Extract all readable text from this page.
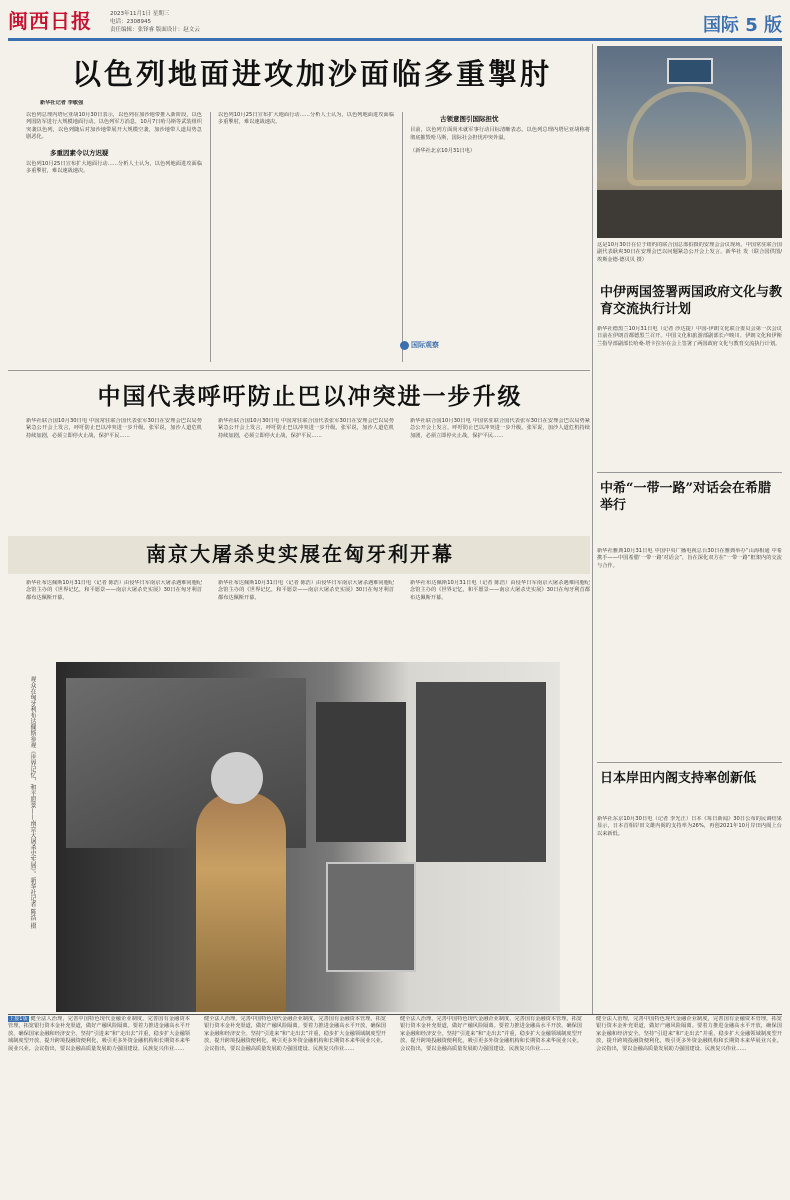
闽西日报	2023年11月1日 星期三
电话：2308945
责任编辑：张铎睿 版面设计：赵文云	国际 5 版
以色列地面进攻加沙面临多重掣肘
新华社记者 李敏强
以色列总理内塔尼亚胡10月30日表示，以色列在加沙地带推入新阶段，以色列国防军进行大规模地面行动。以色列军方消息，10月7日哈马斯等武装组织突袭以色列，以色列随后对加沙地带展开大规模空袭，加沙地带人道局势急剧恶化。
多重因素令以方迟疑
以色列10月25日宣布扩大地面行动……分析人士认为，以色列地面进攻面临多重掣肘，难以速战速决。
以色列10月25日宣布扩大地面行动……分析人士认为，以色列地面进攻面临多重掣肘，难以速战速决。	古领意图引国际担忧
目前，以色列方面尚未就军事行动目标清晰表态。以色列总理内塔尼亚胡称将彻底摧毁哈马斯，国际社会担忧冲突外溢。
（新华社北京10月31日电）
国际观察
中国代表呼吁防止巴以冲突进一步升级
新华社联合国10月30日电 中国常驻联合国代表张军30日在安理会巴以局势紧急公开会上发言，呼吁防止巴以冲突进一步升级。张军说，加沙人道危机持续加剧，必须立即停火止战，保护平民……
新华社联合国10月30日电 中国常驻联合国代表张军30日在安理会巴以局势紧急公开会上发言，呼吁防止巴以冲突进一步升级。张军说，加沙人道危机持续加剧，必须立即停火止战，保护平民……
新华社联合国10月30日电 中国常驻联合国代表张军30日在安理会巴以局势紧急公开会上发言，呼吁防止巴以冲突进一步升级。张军说，加沙人道危机持续加剧，必须立即停火止战，保护平民……
南京大屠杀史实展在匈牙利开幕
新华社布达佩斯10月31日电（记者 陈浩）由侵华日军南京大屠杀遇难同胞纪念馆主办的《世界记忆，和平愿景——南京大屠杀史实展》30日在匈牙利首都布达佩斯开幕。
新华社布达佩斯10月31日电（记者 陈浩）由侵华日军南京大屠杀遇难同胞纪念馆主办的《世界记忆，和平愿景——南京大屠杀史实展》30日在匈牙利首都布达佩斯开幕。
新华社布达佩斯10月31日电（记者 陈浩）由侵华日军南京大屠杀遇难同胞纪念馆主办的《世界记忆，和平愿景——南京大屠杀史实展》30日在匈牙利首都布达佩斯开幕。
观众在匈牙利布达佩斯参观《世界记忆，和平愿景——南京大屠杀史实展》。新华社记者 陈浩 摄
这是10月30日在位于纽约的联合国总部拍摄的安理会会议现场。中国常驻联合国副代表耿爽30日在安理会巴以问题紧急公开会上发言。新华社 发（联合国供图/埃斯金德·德贝贝 摄）
中伊两国签署两国政府文化与教育交流执行计划
新华社德黑兰10月31日电（记者 沙达提）中国-伊朗文化联合委员会第一次会议日前在伊朗首都德黑兰召开。中国文化和旅游部副部长卢映川、伊朗文化和伊斯兰指导部副部长哈桑·塔卡拉尔在会上签署了两国政府文化与教育交流执行计划。
中希“一带一路”对话会在希腊举行
新华社雅典10月31日电 中国中央广播电视总台30日在雅典举办“山海相通 中希携手——中国希腊‘一带一路’对话会”，旨在深化双方在“一带一路”框架内的交流与合作。
日本岸田内阁支持率创新低
新华社东京10月30日电（记者 李光正）日本《每日新闻》30日公布的民调结果显示，日本首相岸田文雄内阁的支持率为26%，再创2021年10月岸田内阁上台以来新低。
上接1版 健全法人治理，完善中国特色现代金融企业制度，完善国有金融资本管理，拓宽银行资本金补充渠道，做好产融风险隔离。要着力推进金融高水平开放，确保国家金融和经济安全。坚持“引进来”和“走出去”并重，稳步扩大金融领域制度型开放，提升跨境投融资便利化，吸引更多外资金融机构和长期资本来华展业兴业。会议指出，要以金融高质量发展助力强国建设、民族复兴伟业……
健全法人治理，完善中国特色现代金融企业制度，完善国有金融资本管理，拓宽银行资本金补充渠道，做好产融风险隔离。要着力推进金融高水平开放，确保国家金融和经济安全。坚持“引进来”和“走出去”并重，稳步扩大金融领域制度型开放，提升跨境投融资便利化，吸引更多外资金融机构和长期资本来华展业兴业。会议指出，要以金融高质量发展助力强国建设、民族复兴伟业……
健全法人治理，完善中国特色现代金融企业制度，完善国有金融资本管理，拓宽银行资本金补充渠道，做好产融风险隔离。要着力推进金融高水平开放，确保国家金融和经济安全。坚持“引进来”和“走出去”并重，稳步扩大金融领域制度型开放，提升跨境投融资便利化，吸引更多外资金融机构和长期资本来华展业兴业。会议指出，要以金融高质量发展助力强国建设、民族复兴伟业……
健全法人治理，完善中国特色现代金融企业制度，完善国有金融资本管理，拓宽银行资本金补充渠道，做好产融风险隔离。要着力推进金融高水平开放，确保国家金融和经济安全。坚持“引进来”和“走出去”并重，稳步扩大金融领域制度型开放，提升跨境投融资便利化，吸引更多外资金融机构和长期资本来华展业兴业。会议指出，要以金融高质量发展助力强国建设、民族复兴伟业……
